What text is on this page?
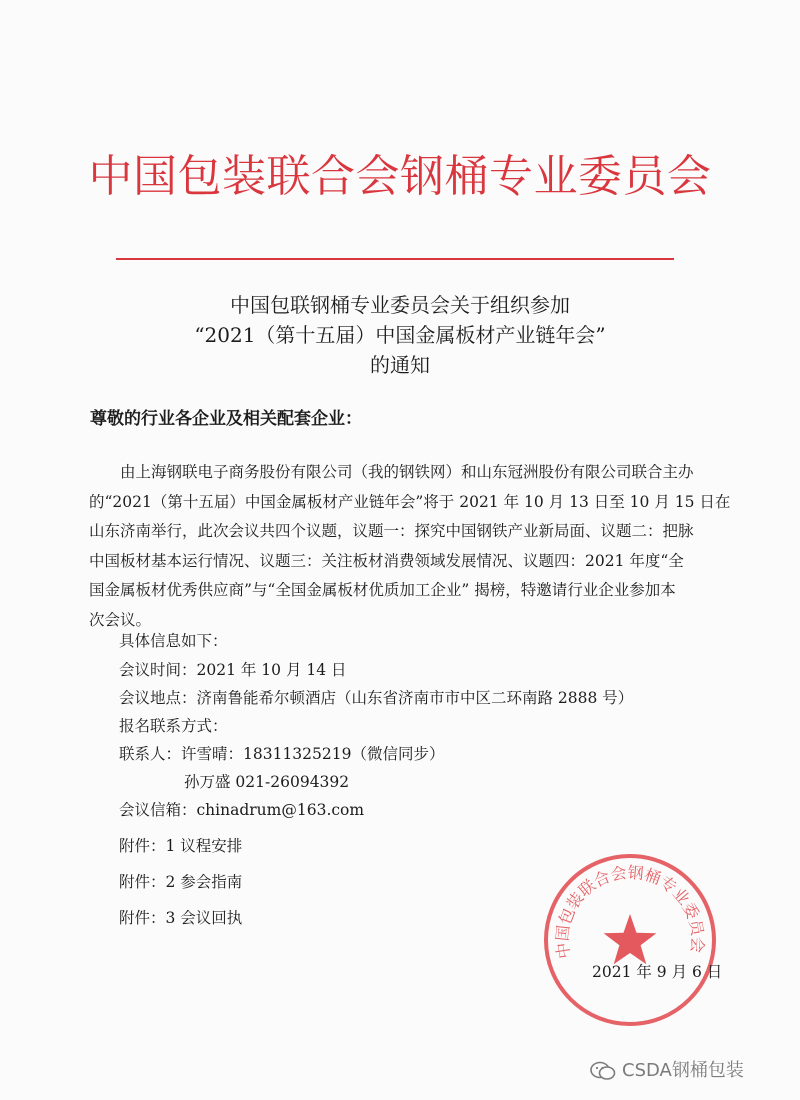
中国包装联合会钢桶专业委员会
中国包联钢桶专业委员会关于组织参加
“2021（第十五届）中国金属板材产业链年会”
的通知
尊敬的行业各企业及相关配套企业：
由上海钢联电子商务股份有限公司（我的钢铁网）和山东冠洲股份有限公司联合主办
的“2021（第十五届）中国金属板材产业链年会”将于 2021 年 10 月 13 日至 10 月 15 日在
山东济南举行，此次会议共四个议题，议题一：探究中国钢铁产业新局面、议题二：把脉
中国板材基本运行情况、议题三：关注板材消费领域发展情况、议题四：2021 年度“全
国金属板材优秀供应商”与“全国金属板材优质加工企业” 揭榜，特邀请行业企业参加本
次会议。
具体信息如下：
会议时间：2021 年 10 月 14 日
会议地点：济南鲁能希尔顿酒店（山东省济南市市中区二环南路 2888 号）
报名联系方式：
联系人：许雪晴：18311325219（微信同步）
孙万盛 021-26094392
会议信箱：chinadrum@163.com
附件：1 议程安排
附件：2 参会指南
附件：3 会议回执
中国包装联合会钢桶专业委员会
2021 年 9 月 6 日
CSDA钢桶包装
